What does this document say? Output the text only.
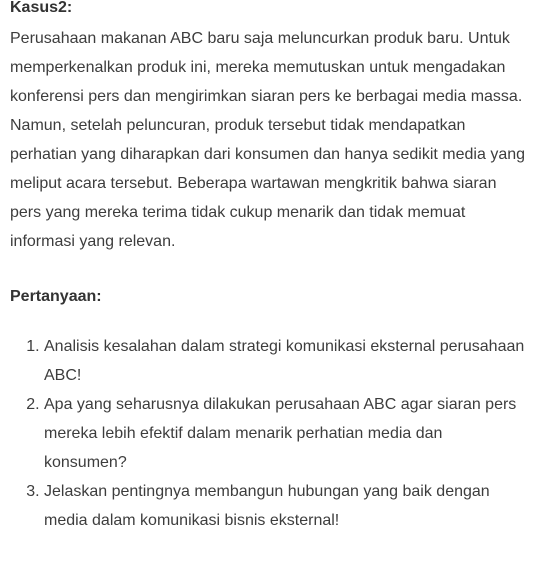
Kasus2:

Perusahaan makanan ABC baru saja meluncurkan produk baru. Untuk memperkenalkan produk ini, mereka memutuskan untuk mengadakan konferensi pers dan mengirimkan siaran pers ke berbagai media massa. Namun, setelah peluncuran, produk tersebut tidak mendapatkan perhatian yang diharapkan dari konsumen dan hanya sedikit media yang meliput acara tersebut. Beberapa wartawan mengkritik bahwa siaran pers yang mereka terima tidak cukup menarik dan tidak memuat informasi yang relevan.

Pertanyaan:
1. Analisis kesalahan dalam strategi komunikasi eksternal perusahaan ABC!
2. Apa yang seharusnya dilakukan perusahaan ABC agar siaran pers mereka lebih efektif dalam menarik perhatian media dan konsumen?
3. Jelaskan pentingnya membangun hubungan yang baik dengan media dalam komunikasi bisnis eksternal!
